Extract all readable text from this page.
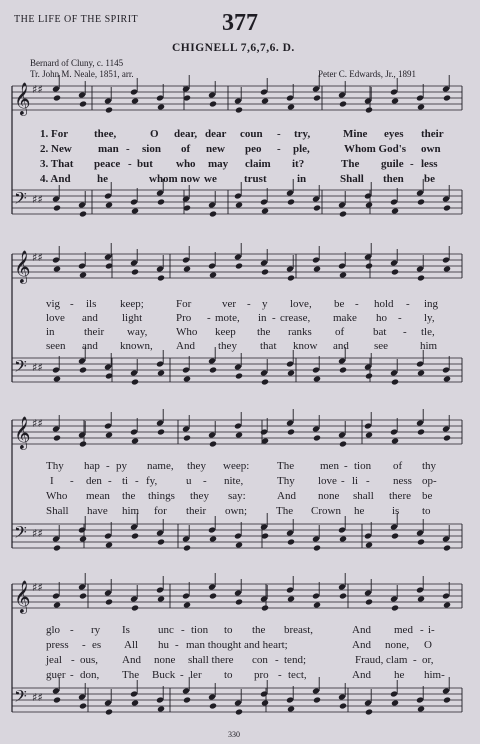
THE LIFE OF THE SPIRIT	377
CHIGNELL 7,6,7,6. D.
Bernard of Cluny, c. 1145
Tr. John M. Neale, 1851, arr.	Peter C. Edwards, Jr., 1891
𝄞 ♯♯
𝄢 ♯♯
𝄞 ♯♯
𝄢 ♯♯
𝄞 ♯♯
𝄢 ♯♯
𝄞 ♯♯
𝄢 ♯♯
1. For thee,	O dear, dear coun - try,	Mine eyes their
2. New man - sion of new peo - ple,	Whom God's own
3. That peace - but who may claim it?	The guile - less
4. And he	whom now we trust	in	Shall then be
vig - ils keep;	For	ver - y love, be - hold - ing
love and light	Pro - mote, in - crease, make ho - ly,
in	their way,	Who keep the ranks of	bat - tle,
seen and known, And they that know and see	him
Thy hap - py name, they weep:	The men - tion of thy
I - den - ti - fy,	u - nite,	Thy love - li - ness op-
Who mean the things they say:	And none shall there be
Shall have him for their own;	The Crown he	is to
glo - ry Is	unc - tion to the breast,	And med - i-
press - es All hu - man thought and heart;	And none, O
jeal - ous, And none shall there con - tend;	Fraud, clam - or,
guer - don, The Buck - ler to pro - tect,	And he him-
330
